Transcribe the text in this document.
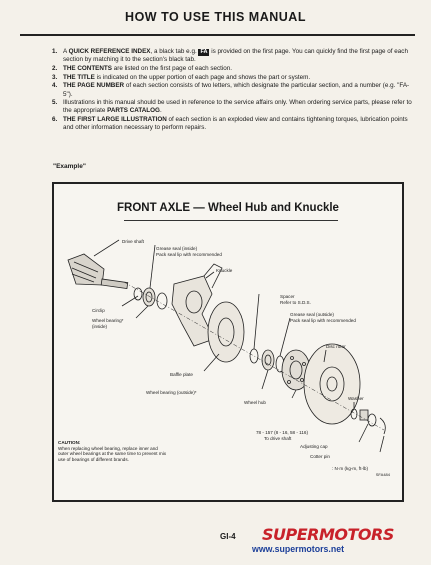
HOW TO USE THIS MANUAL
1. A QUICK REFERENCE INDEX, a black tab e.g. FA is provided on the first page. You can quickly find the first page of each section by matching it to the section's black tab.
2. THE CONTENTS are listed on the first page of each section.
3. THE TITLE is indicated on the upper portion of each page and shows the part or system.
4. THE PAGE NUMBER of each section consists of two letters, which designate the particular section, and a number (e.g. "FA-5").
5. Illustrations in this manual should be used in reference to the service affairs only. When ordering service parts, please refer to the appropriate PARTS CATALOG.
6. THE FIRST LARGE ILLUSTRATION of each section is an exploded view and contains tightening torques, lubrication points and other information necessary to perform repairs.
"Example"
FRONT AXLE — Wheel Hub and Knuckle
Drive shaft
Grease seal (inside)
Pack seal lip with recommended
Knuckle
Circlip
Wheel bearing*
(inside)
Spacer
Refer to S.D.S.
Grease seal (outside)
Pack seal lip with recommended
Disc rotor
Baffle plate
Wheel bearing (outside)*
Washer
Wheel hub
78 - 157 (8 - 16, 58 - 116)
To drive shaft
Adjusting cap
Cotter pin
: N·m (kg-m, ft-lb)
CAUTION:
When replacing wheel bearing, replace inner and outer wheel bearings at the same time to prevent mix use of bearings of different brands.
SFA484
GI-4 SUPERMOTORS
www.supermotors.net
